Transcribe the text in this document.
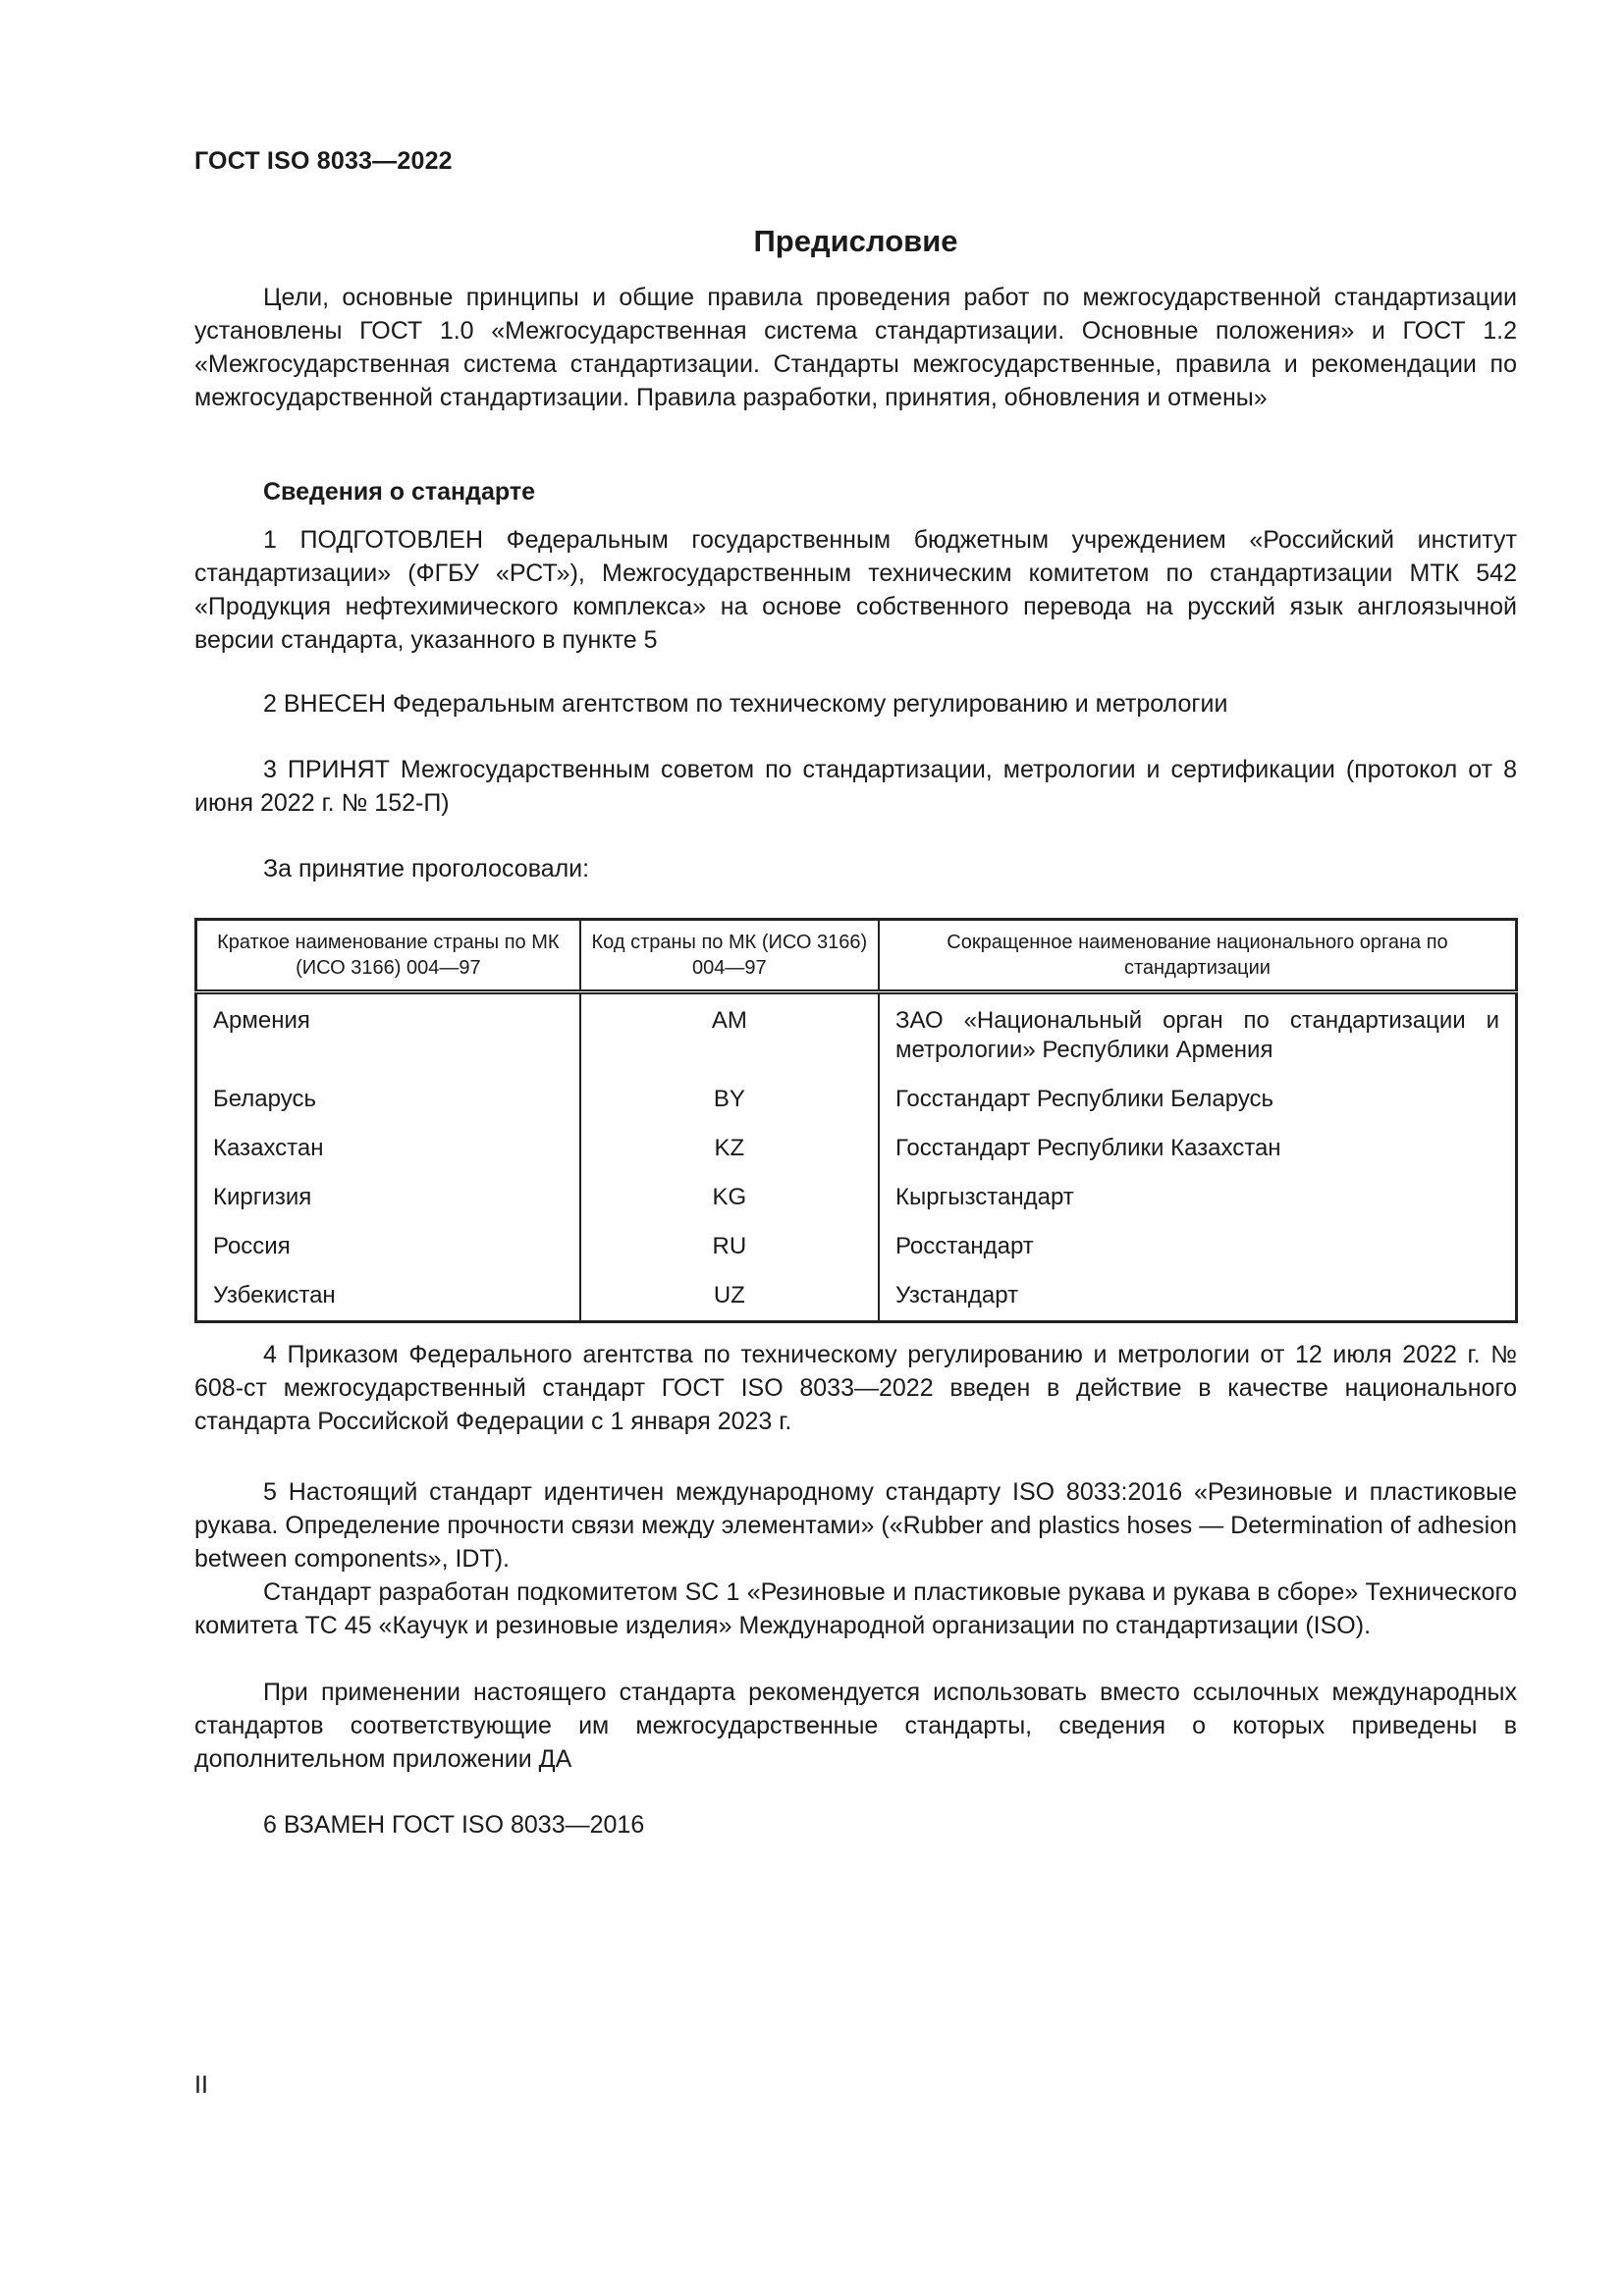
ГОСТ ISO 8033—2022
Предисловие

Цели, основные принципы и общие правила проведения работ по межгосударственной стандартизации установлены ГОСТ 1.0 «Межгосударственная система стандартизации. Основные положения» и ГОСТ 1.2 «Межгосударственная система стандартизации. Стандарты межгосударственные, правила и рекомендации по межгосударственной стандартизации. Правила разработки, принятия, обновления и отмены»

Сведения о стандарте

1 ПОДГОТОВЛЕН Федеральным государственным бюджетным учреждением «Российский институт стандартизации» (ФГБУ «РСТ»), Межгосударственным техническим комитетом по стандартизации МТК 542 «Продукция нефтехимического комплекса» на основе собственного перевода на русский язык англоязычной версии стандарта, указанного в пункте 5

2 ВНЕСЕН Федеральным агентством по техническому регулированию и метрологии

3 ПРИНЯТ Межгосударственным советом по стандартизации, метрологии и сертификации (протокол от 8 июня 2022 г. № 152-П)

За принятие проголосовали:
Краткое наименование страны по МК (ИСО 3166) 004—97	Код страны по МК (ИСО 3166) 004—97	Сокращенное наименование национального органа по стандартизации
Армения	AM	ЗАО «Национальный орган по стандартизации и метрологии» Республики Армения
Беларусь	BY	Госстандарт Республики Беларусь
Казахстан	KZ	Госстандарт Республики Казахстан
Киргизия	KG	Кыргызстандарт
Россия	RU	Росстандарт
Узбекистан	UZ	Узстандарт

4 Приказом Федерального агентства по техническому регулированию и метрологии от 12 июля 2022 г. № 608-ст межгосударственный стандарт ГОСТ ISO 8033—2022 введен в действие в качестве национального стандарта Российской Федерации с 1 января 2023 г.

5 Настоящий стандарт идентичен международному стандарту ISO 8033:2016 «Резиновые и пластиковые рукава. Определение прочности связи между элементами» («Rubber and plastics hoses — Determination of adhesion between components», IDT).

Стандарт разработан подкомитетом SC 1 «Резиновые и пластиковые рукава и рукава в сборе» Технического комитета ТС 45 «Каучук и резиновые изделия» Международной организации по стандартизации (ISO).

При применении настоящего стандарта рекомендуется использовать вместо ссылочных международных стандартов соответствующие им межгосударственные стандарты, сведения о которых приведены в дополнительном приложении ДА

6 ВЗАМЕН ГОСТ ISO 8033—2016
II
